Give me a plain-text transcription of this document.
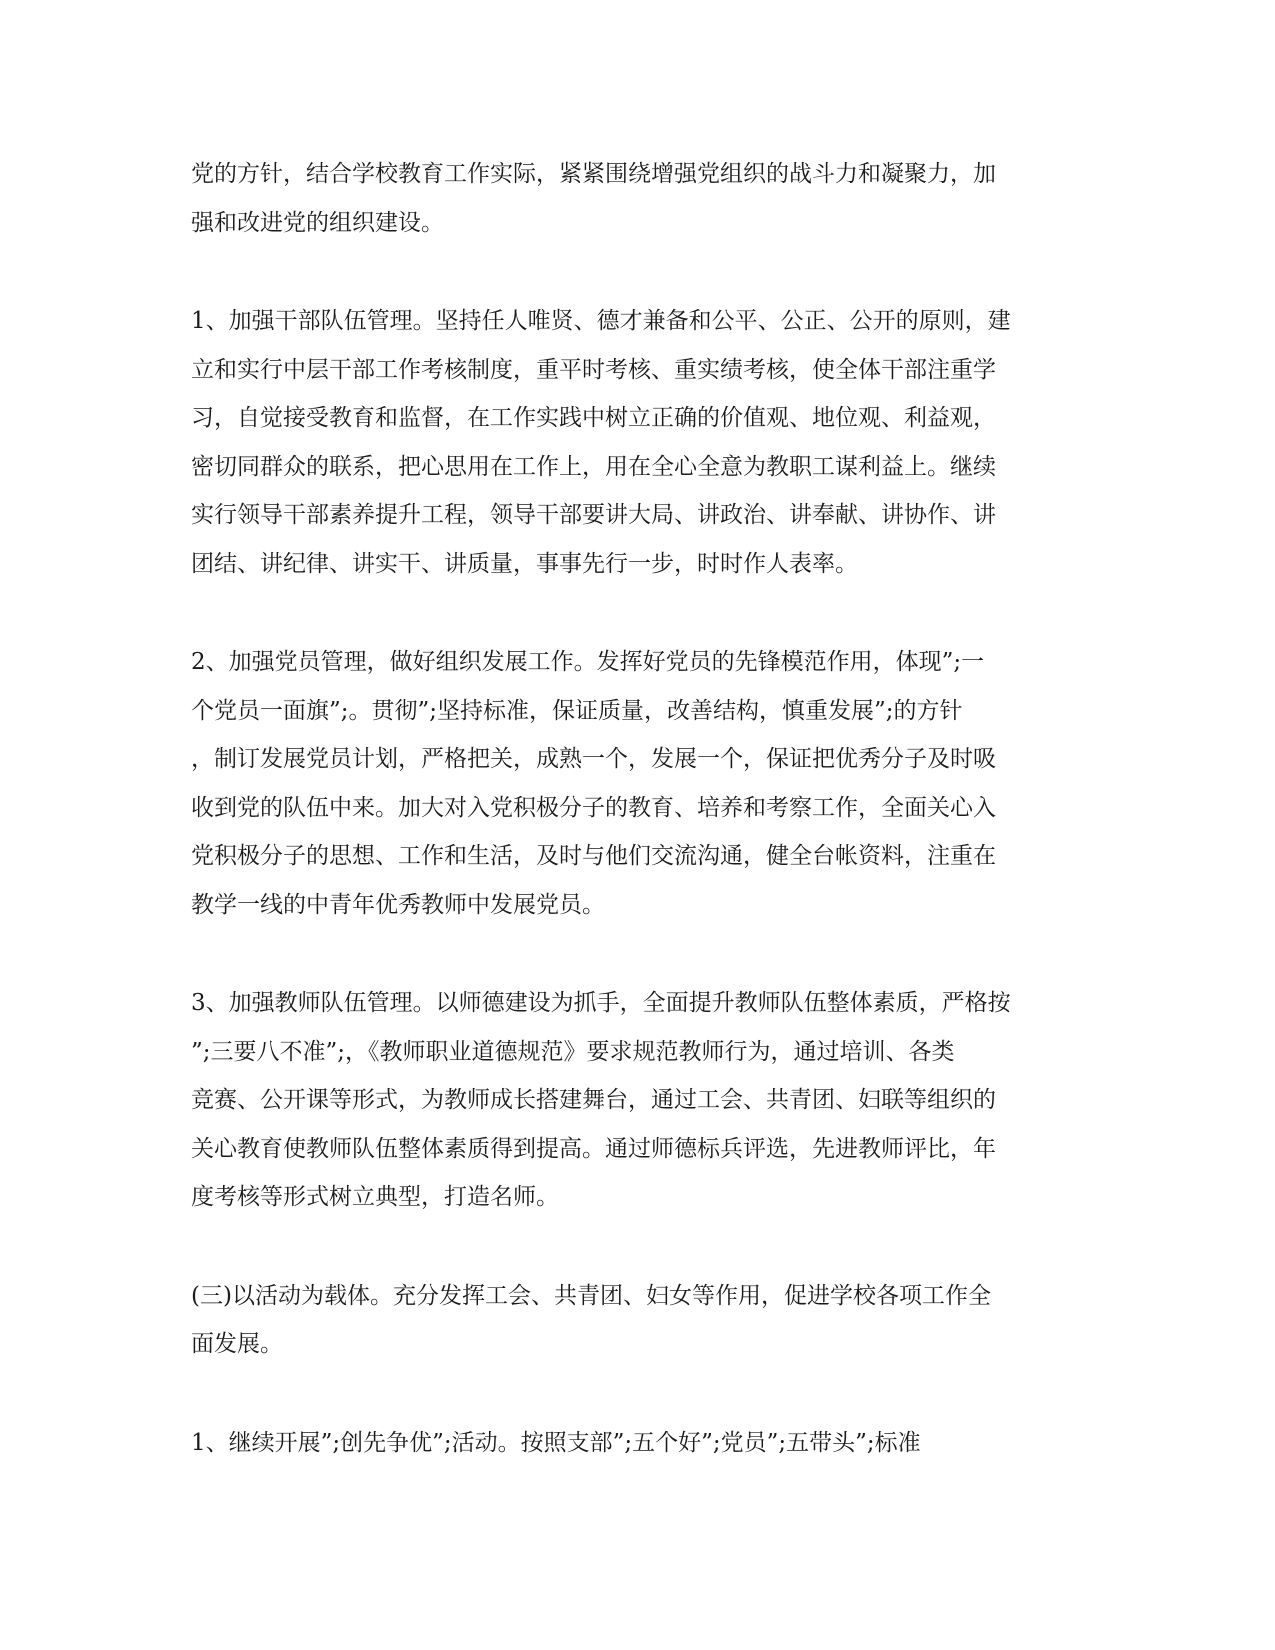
党的方针，结合学校教育工作实际，紧紧围绕增强党组织的战斗力和凝聚力，加
强和改进党的组织建设。
1、加强干部队伍管理。坚持任人唯贤、德才兼备和公平、公正、公开的原则，建
立和实行中层干部工作考核制度，重平时考核、重实绩考核，使全体干部注重学
习，自觉接受教育和监督，在工作实践中树立正确的价值观、地位观、利益观，
密切同群众的联系，把心思用在工作上，用在全心全意为教职工谋利益上。继续
实行领导干部素养提升工程，领导干部要讲大局、讲政治、讲奉献、讲协作、讲
团结、讲纪律、讲实干、讲质量，事事先行一步，时时作人表率。
2、加强党员管理，做好组织发展工作。发挥好党员的先锋模范作用，体现”;一
个党员一面旗”;。贯彻”;坚持标准，保证质量，改善结构，慎重发展”;的方针
，制订发展党员计划，严格把关，成熟一个，发展一个，保证把优秀分子及时吸
收到党的队伍中来。加大对入党积极分子的教育、培养和考察工作，全面关心入
党积极分子的思想、工作和生活，及时与他们交流沟通，健全台帐资料，注重在
教学一线的中青年优秀教师中发展党员。
3、加强教师队伍管理。以师德建设为抓手，全面提升教师队伍整体素质，严格按
”;三要八不准”;，《教师职业道德规范》要求规范教师行为，通过培训、各类
竞赛、公开课等形式，为教师成长搭建舞台，通过工会、共青团、妇联等组织的
关心教育使教师队伍整体素质得到提高。通过师德标兵评选，先进教师评比，年
度考核等形式树立典型，打造名师。
(三)以活动为载体。充分发挥工会、共青团、妇女等作用，促进学校各项工作全
面发展。
1、继续开展”;创先争优”;活动。按照支部”;五个好”;党员”;五带头”;标准
